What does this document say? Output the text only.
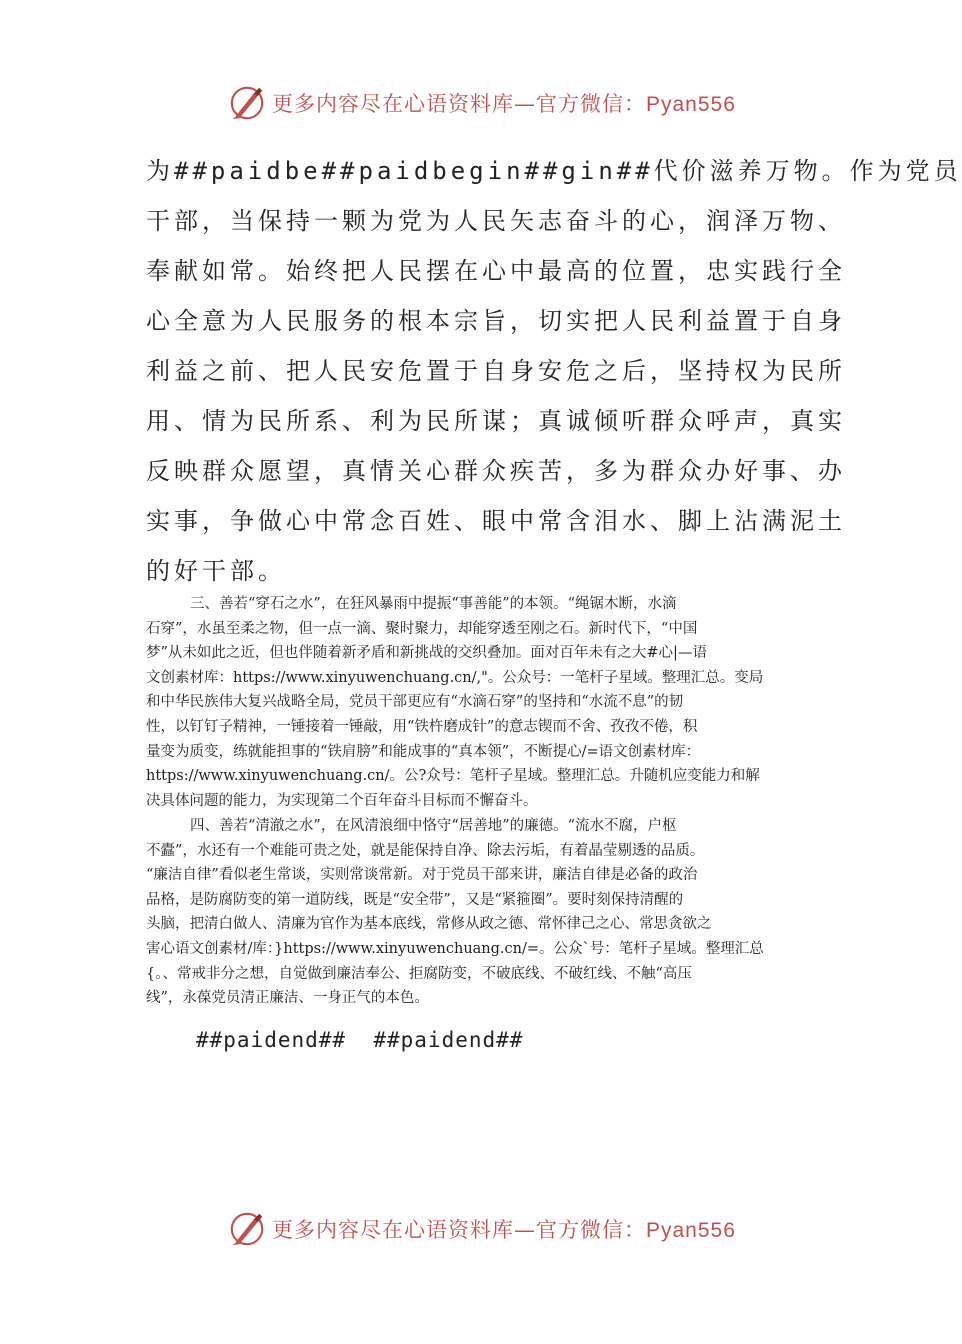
更多内容尽在心语资料库—官方微信：Pyan556
为##paidbe##paidbegin##gin##代价滋养万物。作为党员
干部，当保持一颗为党为人民矢志奋斗的心，润泽万物、
奉献如常。始终把人民摆在心中最高的位置，忠实践行全
心全意为人民服务的根本宗旨，切实把人民利益置于自身
利益之前、把人民安危置于自身安危之后，坚持权为民所
用、情为民所系、利为民所谋；真诚倾听群众呼声，真实
反映群众愿望，真情关心群众疾苦，多为群众办好事、办
实事，争做心中常念百姓、眼中常含泪水、脚上沾满泥土
的好干部。
三、善若“穿石之水”，在狂风暴雨中提振“事善能”的本领。“绳锯木断，水滴
石穿”，水虽至柔之物，但一点一滴、聚时聚力，却能穿透至刚之石。新时代下，“中国
梦”从未如此之近，但也伴随着新矛盾和新挑战的交织叠加。面对百年未有之大#心|—语
文创素材库：https://www.xinyuwenchuang.cn/,"。公众号：一笔杆子星域。整理汇总。变局
和中华民族伟大复兴战略全局，党员干部更应有“水滴石穿”的坚持和“水流不息”的韧
性，以钉钉子精神，一锤接着一锤敲，用“铁杵磨成针”的意志锲而不舍、孜孜不倦，积
量变为质变，练就能担事的“铁肩膀”和能成事的“真本领”，不断提心/=语文创素材库：
https://www.xinyuwenchuang.cn/。公?众号：笔杆子星域。整理汇总。升随机应变能力和解
决具体问题的能力，为实现第二个百年奋斗目标而不懈奋斗。
四、善若“清澈之水”，在风清浪细中恪守“居善地”的廉德。“流水不腐，户枢
不蠹”，水还有一个难能可贵之处，就是能保持自净、除去污垢，有着晶莹剔透的品质。
“廉洁自律”看似老生常谈，实则常谈常新。对于党员干部来讲，廉洁自律是必备的政治
品格，是防腐防变的第一道防线，既是“安全带”，又是“紧箍圈”。要时刻保持清醒的
头脑，把清白做人、清廉为官作为基本底线，常修从政之德、常怀律己之心、常思贪欲之
害心语文创素材/库：}https://www.xinyuwenchuang.cn/=。公众`号：笔杆子星域。整理汇总
{。、常戒非分之想，自觉做到廉洁奉公、拒腐防变，不破底线、不破红线、不触“高压
线”，永葆党员清正廉洁、一身正气的本色。
##paidend##  ##paidend##
更多内容尽在心语资料库—官方微信：Pyan556
